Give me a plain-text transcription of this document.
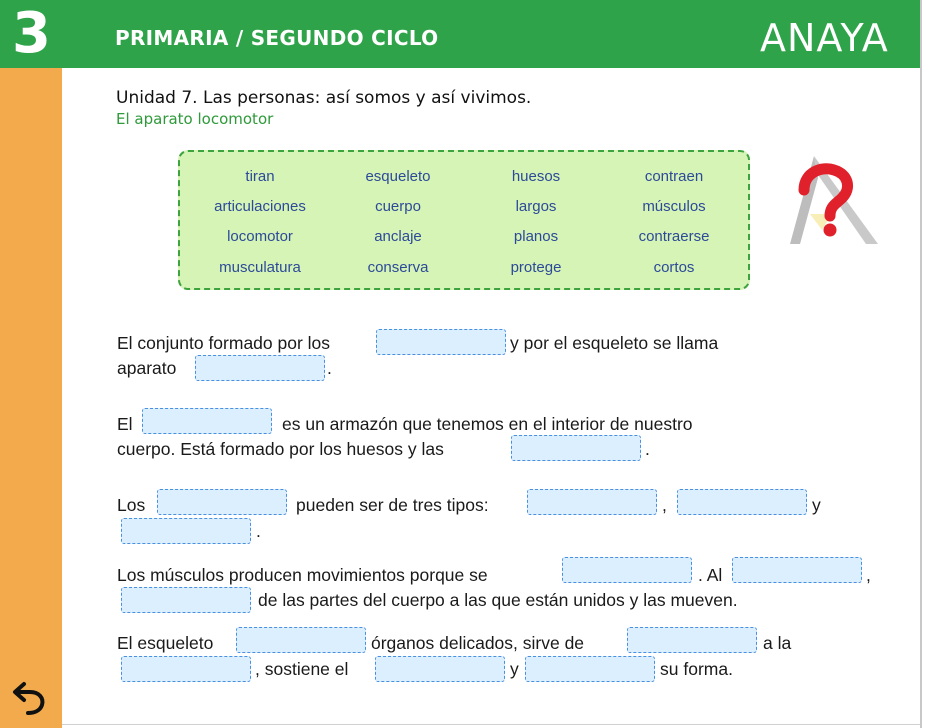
3	PRIMARIA / SEGUNDO CICLO	ANAYA
Unidad 7. Las personas: así somos y así vivimos.
El aparato locomotor
tiran	esqueleto	huesos	contraen
articulaciones	cuerpo	largos	músculos
locomotor	anclaje	planos	contraerse
musculatura	conserva	protege	cortos
El conjunto formado por los	y por el esqueleto se llama
aparato	.
El	es un armazón que tenemos en el interior de nuestro
cuerpo. Está formado por los huesos y las	.
Los	pueden ser de tres tipos:	,	y
.
Los músculos producen movimientos porque se	. Al	,
de las partes del cuerpo a las que están unidos y las mueven.
El esqueleto	órganos delicados, sirve de	a la
, sostiene el	y	su forma.
